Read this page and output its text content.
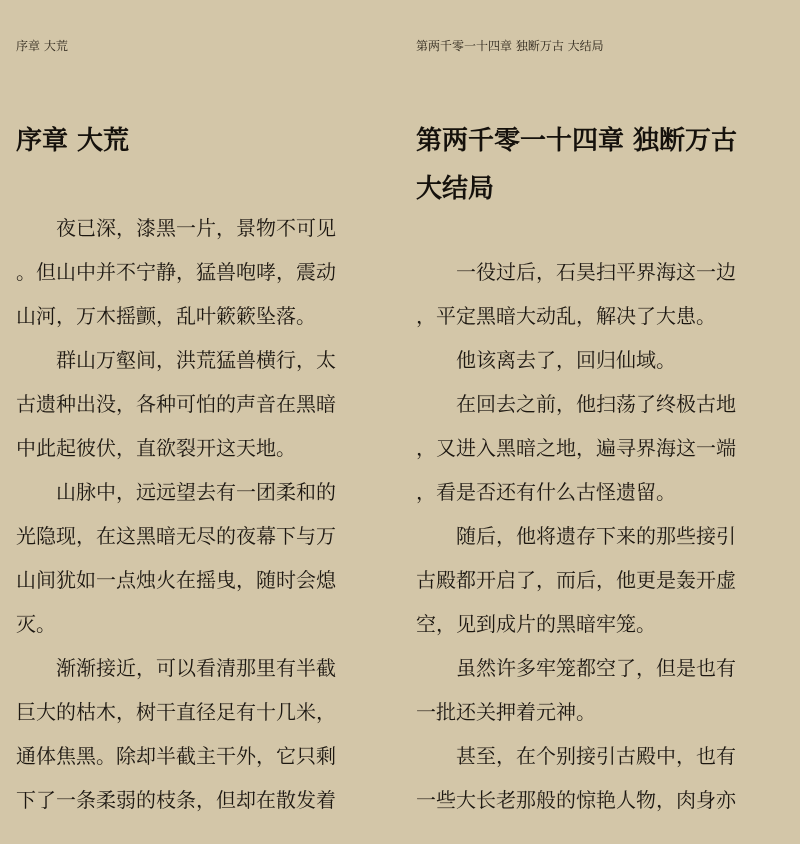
序章 大荒
序章 大荒
夜已深，漆黑一片，景物不可见
。但山中并不宁静，猛兽咆哮，震动
山河，万木摇颤，乱叶簌簌坠落。
群山万壑间，洪荒猛兽横行，太
古遗种出没，各种可怕的声音在黑暗
中此起彼伏，直欲裂开这天地。
山脉中，远远望去有一团柔和的
光隐现，在这黑暗无尽的夜幕下与万
山间犹如一点烛火在摇曳，随时会熄
灭。
渐渐接近，可以看清那里有半截
巨大的枯木，树干直径足有十几米，
通体焦黑。除却半截主干外，它只剩
下了一条柔弱的枝条，但却在散发着
第两千零一十四章 独断万古 大结局
第两千零一十四章 独断万古
大结局
一役过后，石昊扫平界海这一边
，平定黑暗大动乱，解决了大患。
他该离去了，回归仙域。
在回去之前，他扫荡了终极古地
，又进入黑暗之地，遍寻界海这一端
，看是否还有什么古怪遗留。
随后，他将遗存下来的那些接引
古殿都开启了，而后，他更是轰开虚
空，见到成片的黑暗牢笼。
虽然许多牢笼都空了，但是也有
一批还关押着元神。
甚至，在个别接引古殿中，也有
一些大长老那般的惊艳人物，肉身亦
